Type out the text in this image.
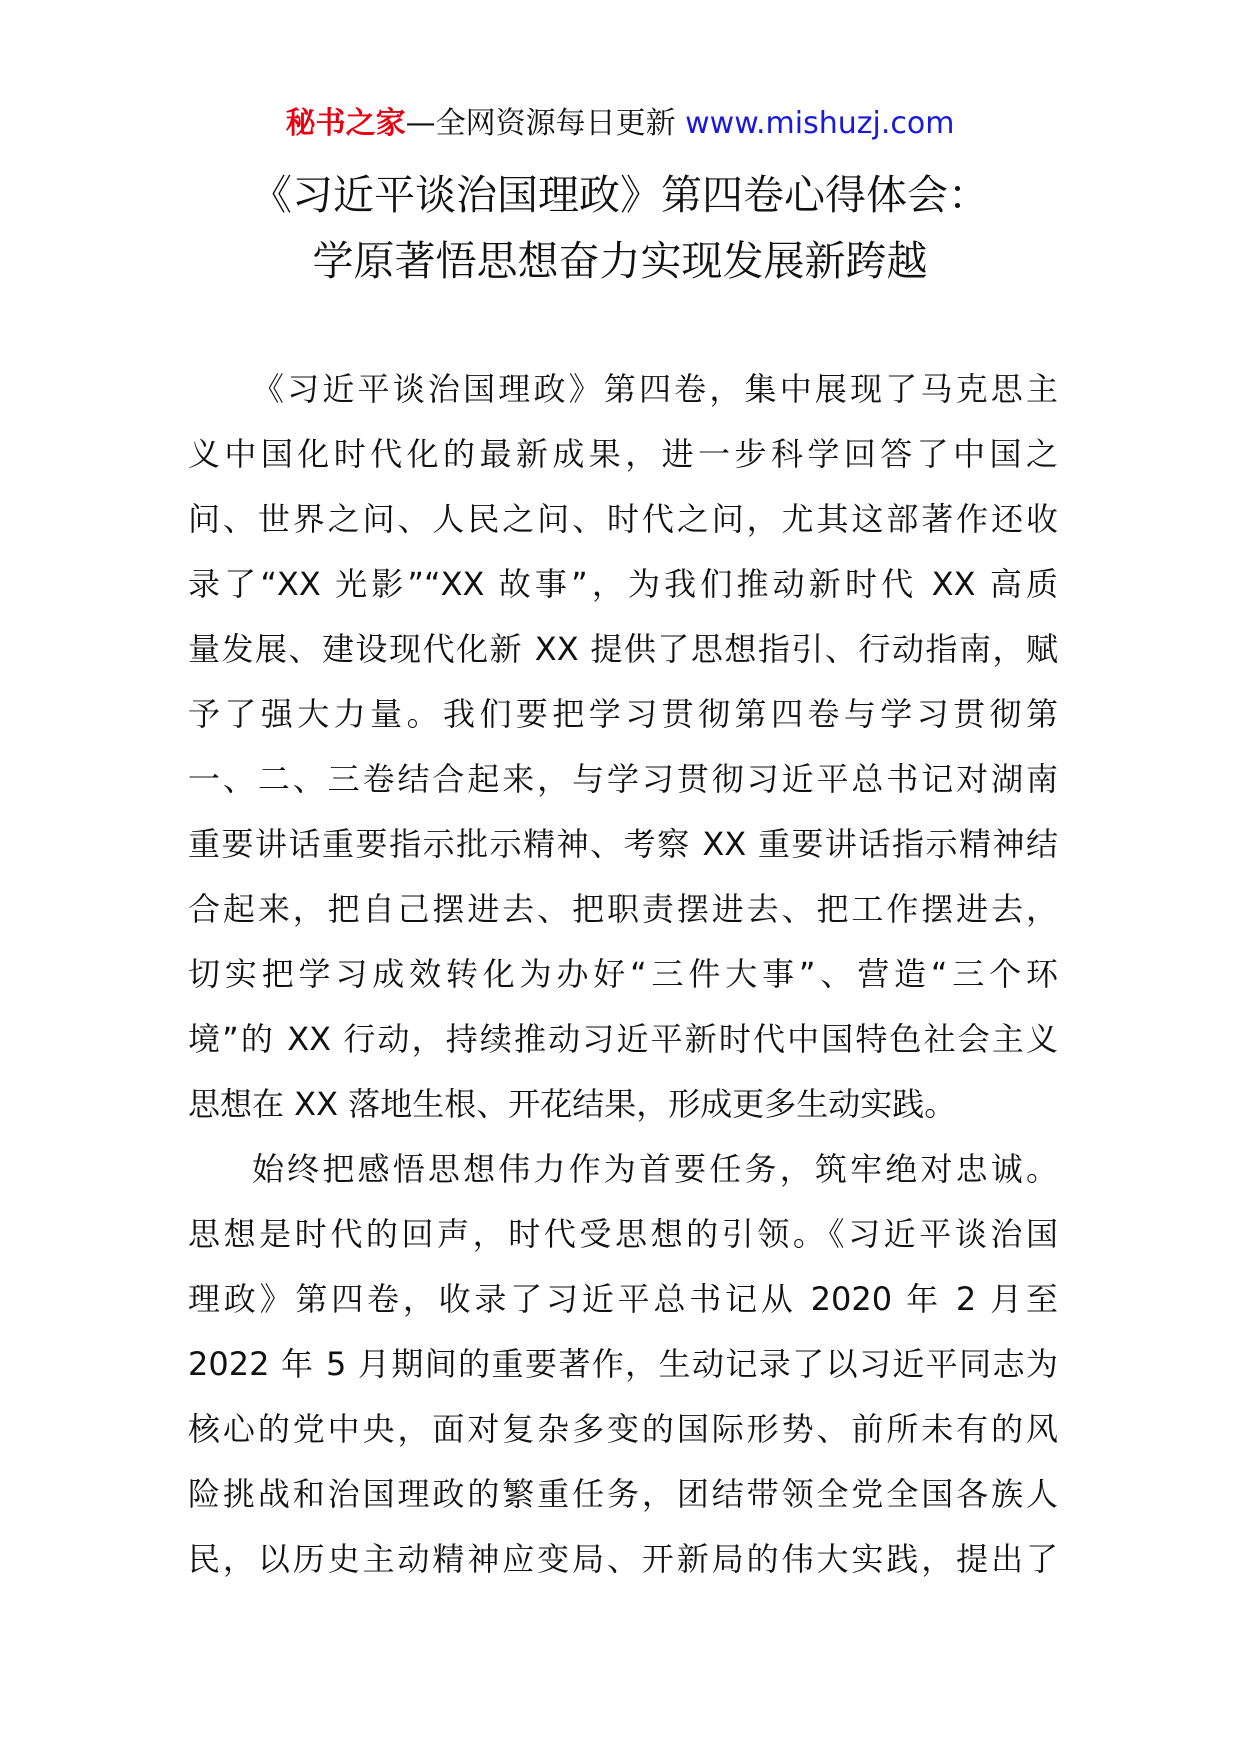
秘书之家—全网资源每日更新 www.mishuzj.com
《习近平谈治国理政》第四卷心得体会：
学原著悟思想奋力实现发展新跨越
《习近平谈治国理政》第四卷，集中展现了马克思主
义中国化时代化的最新成果，进一步科学回答了中国之
问、世界之问、人民之问、时代之问，尤其这部著作还收
录了“XX 光影”“XX 故事”，为我们推动新时代 XX 高质
量发展、建设现代化新 XX 提供了思想指引、行动指南，赋
予了强大力量。我们要把学习贯彻第四卷与学习贯彻第
一、二、三卷结合起来，与学习贯彻习近平总书记对湖南
重要讲话重要指示批示精神、考察 XX 重要讲话指示精神结
合起来，把自己摆进去、把职责摆进去、把工作摆进去，
切实把学习成效转化为办好“三件大事”、营造“三个环
境”的 XX 行动，持续推动习近平新时代中国特色社会主义
思想在 XX 落地生根、开花结果，形成更多生动实践。
始终把感悟思想伟力作为首要任务，筑牢绝对忠诚。
思想是时代的回声，时代受思想的引领。《习近平谈治国
理政》第四卷，收录了习近平总书记从 2020 年 2 月至
2022 年 5 月期间的重要著作，生动记录了以习近平同志为
核心的党中央，面对复杂多变的国际形势、前所未有的风
险挑战和治国理政的繁重任务，团结带领全党全国各族人
民，以历史主动精神应变局、开新局的伟大实践，提出了
